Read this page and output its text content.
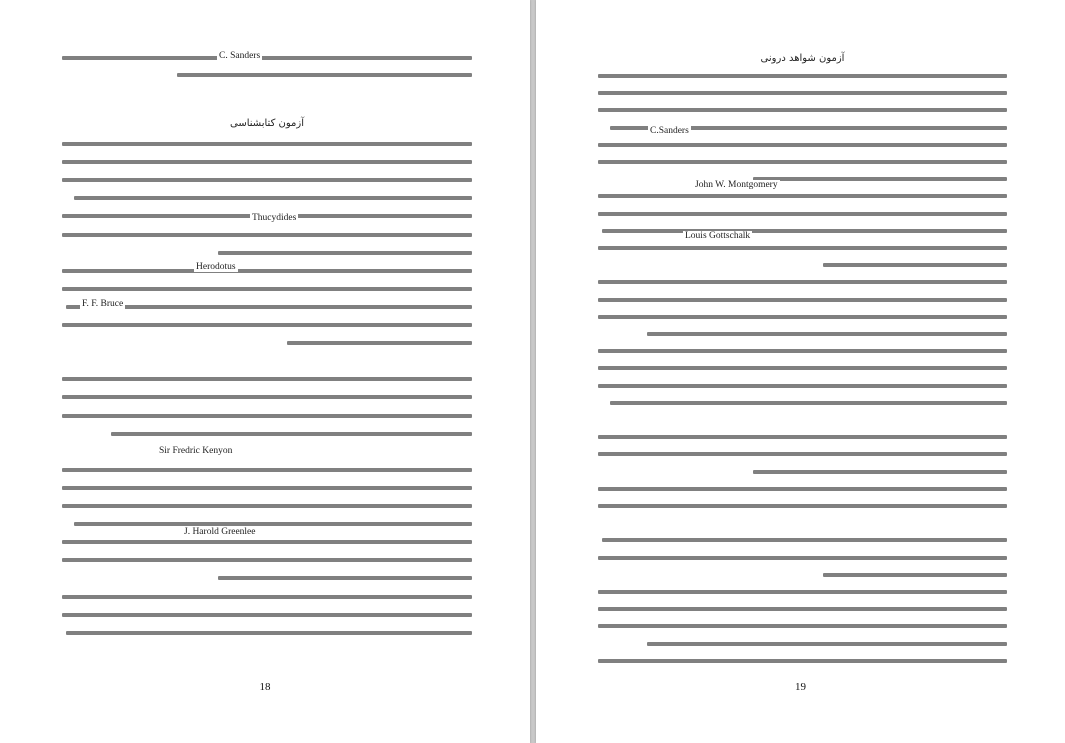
آزمون کتابشناسی
C. Sanders
Thucydides
Herodotus
F. F. Bruce
Sir Fredric Kenyon
J. Harold Greenlee
18
آزمون شواهد درونی
C.Sanders
John W. Montgomery
Louis Gottschalk
19
